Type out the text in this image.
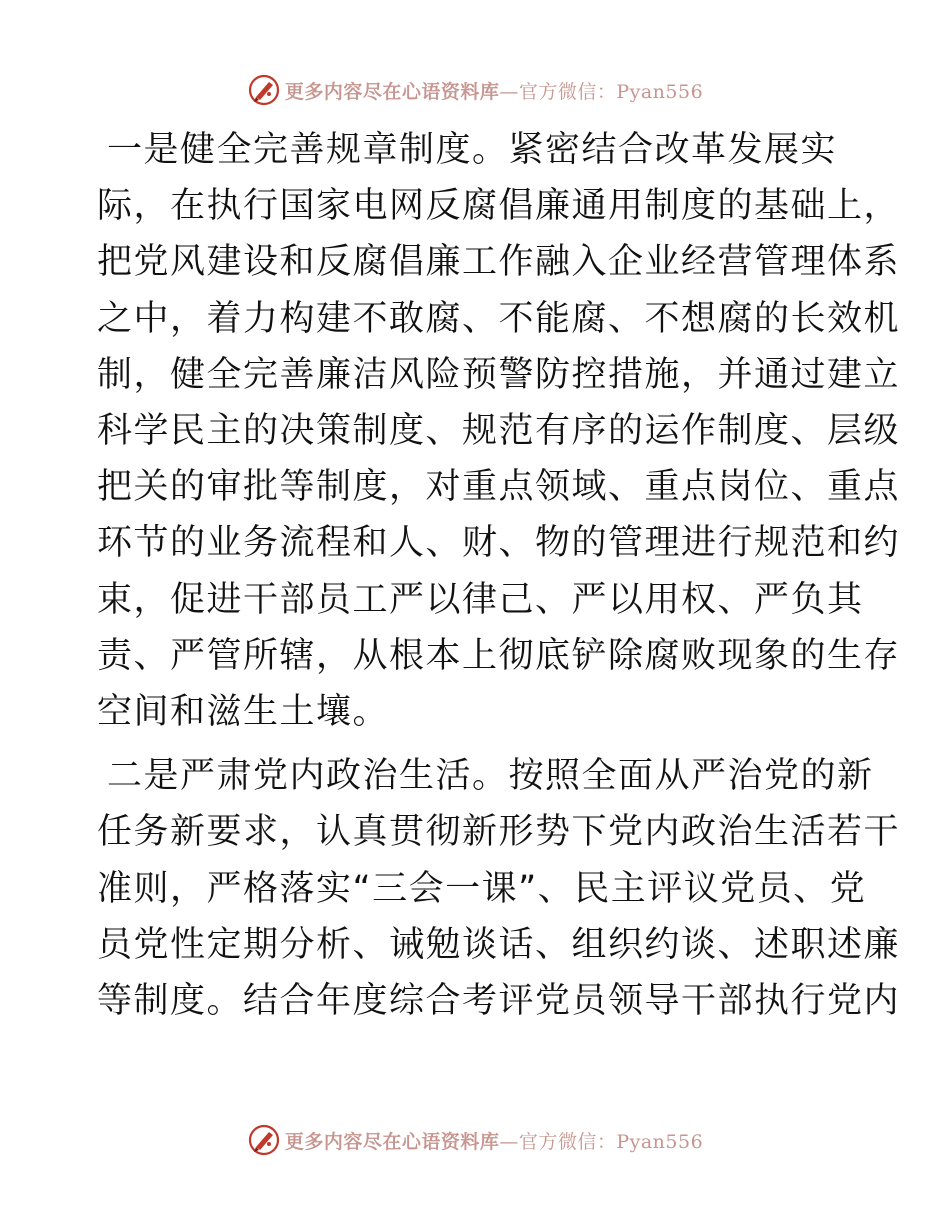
更多内容尽在心语资料库—官方微信：Pyan556
一是健全完善规章制度。紧密结合改革发展实
际，在执行国家电网反腐倡廉通用制度的基础上，
把党风建设和反腐倡廉工作融入企业经营管理体系
之中，着力构建不敢腐、不能腐、不想腐的长效机
制，健全完善廉洁风险预警防控措施，并通过建立
科学民主的决策制度、规范有序的运作制度、层级
把关的审批等制度，对重点领域、重点岗位、重点
环节的业务流程和人、财、物的管理进行规范和约
束，促进干部员工严以律己、严以用权、严负其
责、严管所辖，从根本上彻底铲除腐败现象的生存
空间和滋生土壤。
二是严肃党内政治生活。按照全面从严治党的新
任务新要求，认真贯彻新形势下党内政治生活若干
准则，严格落实“三会一课”、民主评议党员、党
员党性定期分析、诫勉谈话、组织约谈、述职述廉
等制度。结合年度综合考评党员领导干部执行党内
更多内容尽在心语资料库—官方微信：Pyan556
